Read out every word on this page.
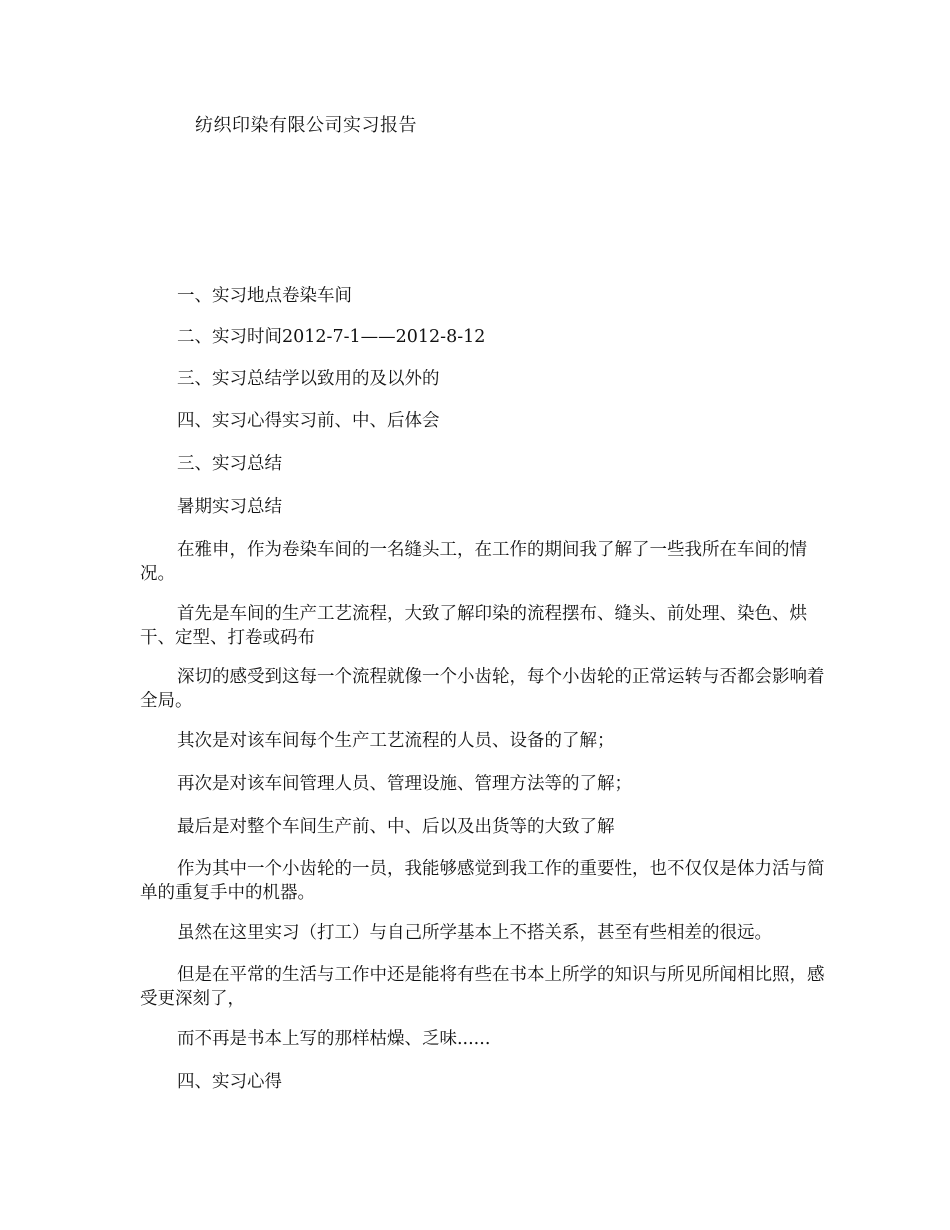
纺织印染有限公司实习报告

一、实习地点卷染车间

二、实习时间2012-7-1——2012-8-12

三、实习总结学以致用的及以外的

四、实习心得实习前、中、后体会

三、实习总结

暑期实习总结

在雅申，作为卷染车间的一名缝头工，在工作的期间我了解了一些我所在车间的情况。

首先是车间的生产工艺流程，大致了解印染的流程摆布、缝头、前处理、染色、烘干、定型、打卷或码布

深切的感受到这每一个流程就像一个小齿轮，每个小齿轮的正常运转与否都会影响着全局。

其次是对该车间每个生产工艺流程的人员、设备的了解；

再次是对该车间管理人员、管理设施、管理方法等的了解；

最后是对整个车间生产前、中、后以及出货等的大致了解

作为其中一个小齿轮的一员，我能够感觉到我工作的重要性，也不仅仅是体力活与简单的重复手中的机器。

虽然在这里实习（打工）与自己所学基本上不搭关系，甚至有些相差的很远。

但是在平常的生活与工作中还是能将有些在书本上所学的知识与所见所闻相比照，感受更深刻了，

而不再是书本上写的那样枯燥、乏味......

四、实习心得
